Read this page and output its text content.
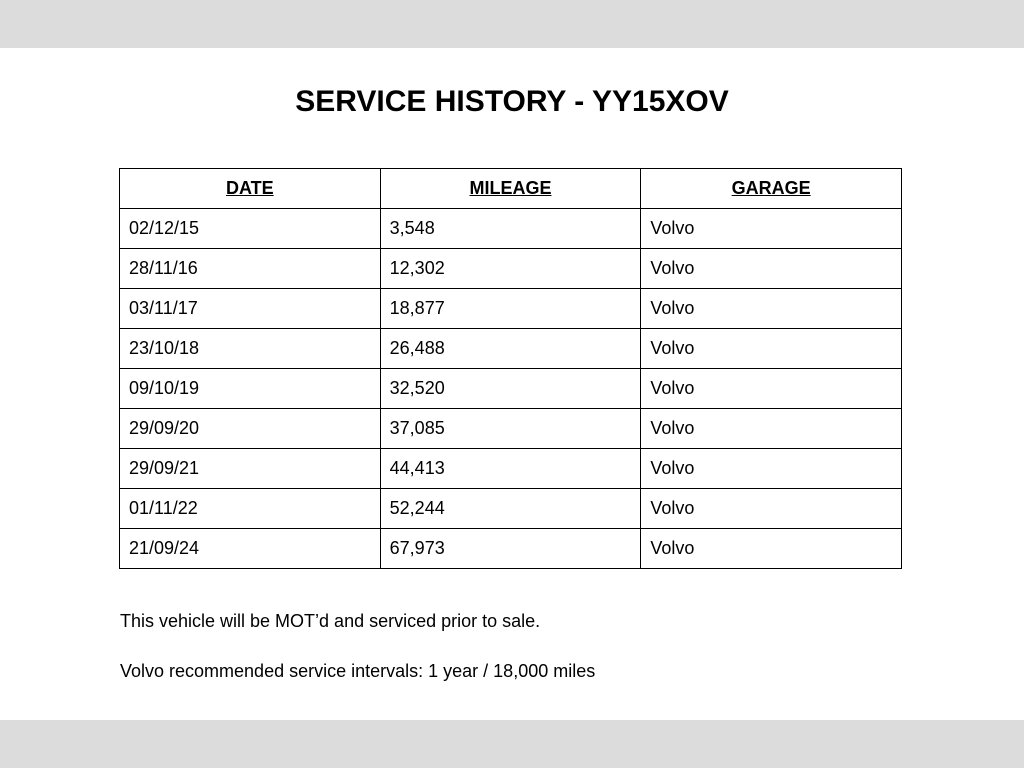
SERVICE HISTORY - YY15XOV
DATE	MILEAGE	GARAGE
02/12/15	3,548	Volvo
28/11/16	12,302	Volvo
03/11/17	18,877	Volvo
23/10/18	26,488	Volvo
09/10/19	32,520	Volvo
29/09/20	37,085	Volvo
29/09/21	44,413	Volvo
01/11/22	52,244	Volvo
21/09/24	67,973	Volvo
This vehicle will be MOT’d and serviced prior to sale.
Volvo recommended service intervals: 1 year / 18,000 miles
